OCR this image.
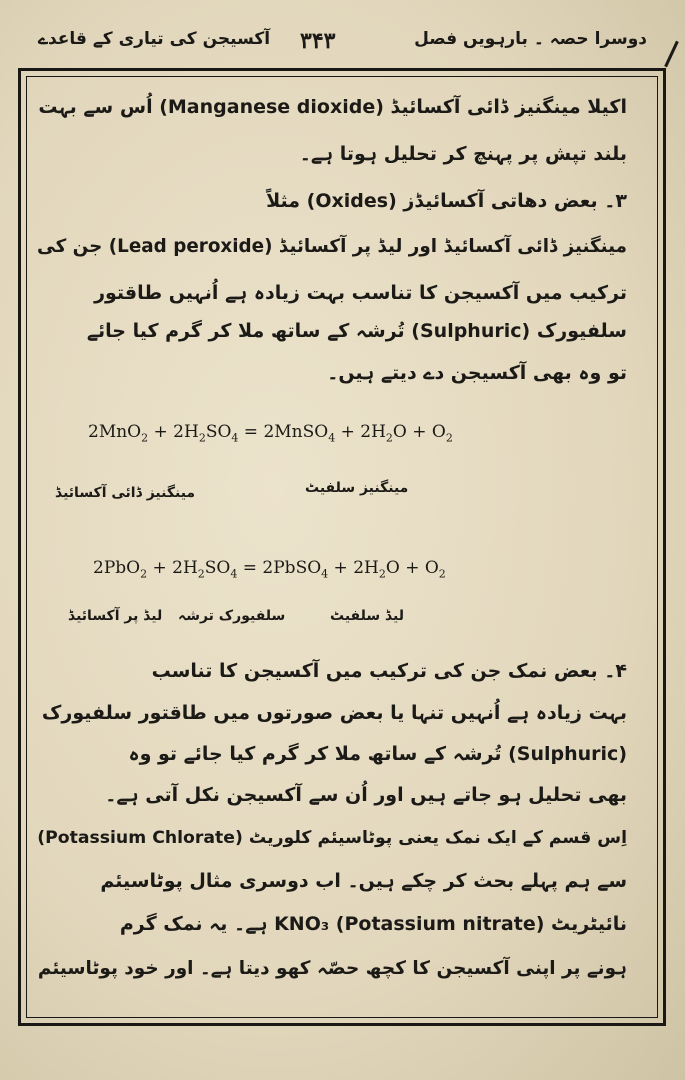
دوسرا حصہ ۔ بارہویں فصل
۳۴۳
آکسیجن کی تیاری کے قاعدے
اکیلا مینگنیز ڈائی آکسائیڈ (Manganese dioxide) اُس سے بہت
بلند تپش پر پہنچ کر تحلیل ہوتا ہے۔
۳۔ بعض دھاتی آکسائیڈز (Oxides) مثلاً
مینگنیز ڈائی آکسائیڈ اور لیڈ پر آکسائیڈ (Lead peroxide) جن کی
ترکیب میں آکسیجن کا تناسب بہت زیادہ ہے اُنہیں طاقتور
سلفیورک (Sulphuric) تُرشہ کے ساتھ ملا کر گرم کیا جائے
تو وہ بھی آکسیجن دے دیتے ہیں۔
$2MnO_2 + 2H_2SO_4$ = 2MnSO$_4$ + $2H_2O + O_2$
مینگنیز سلفیٹ
مینگنیز ڈائی آکسائیڈ
$2PbO_2 + 2H_2SO_4$ = 2PbSO$_4$ + $2H_2O + O_2$
لیڈ سلفیٹ
سلفیورک ترشہ
لیڈ پر آکسائیڈ
۴۔ بعض نمک جن کی ترکیب میں آکسیجن کا تناسب
بہت زیادہ ہے اُنہیں تنہا یا بعض صورتوں میں طاقتور سلفیورک
(Sulphuric) تُرشہ کے ساتھ ملا کر گرم کیا جائے تو وہ
بھی تحلیل ہو جاتے ہیں اور اُن سے آکسیجن نکل آتی ہے۔
اِس قسم کے ایک نمک یعنی پوٹاسیئم کلوریٹ (Potassium Chlorate)
سے ہم پہلے بحث کر چکے ہیں۔ اب دوسری مثال پوٹاسیئم
نائیٹریٹ (KNO₃ (Potassium nitrate ہے۔ یہ نمک گرم
ہونے پر اپنی آکسیجن کا کچھ حصّہ کھو دیتا ہے۔ اور خود پوٹاسیئم
